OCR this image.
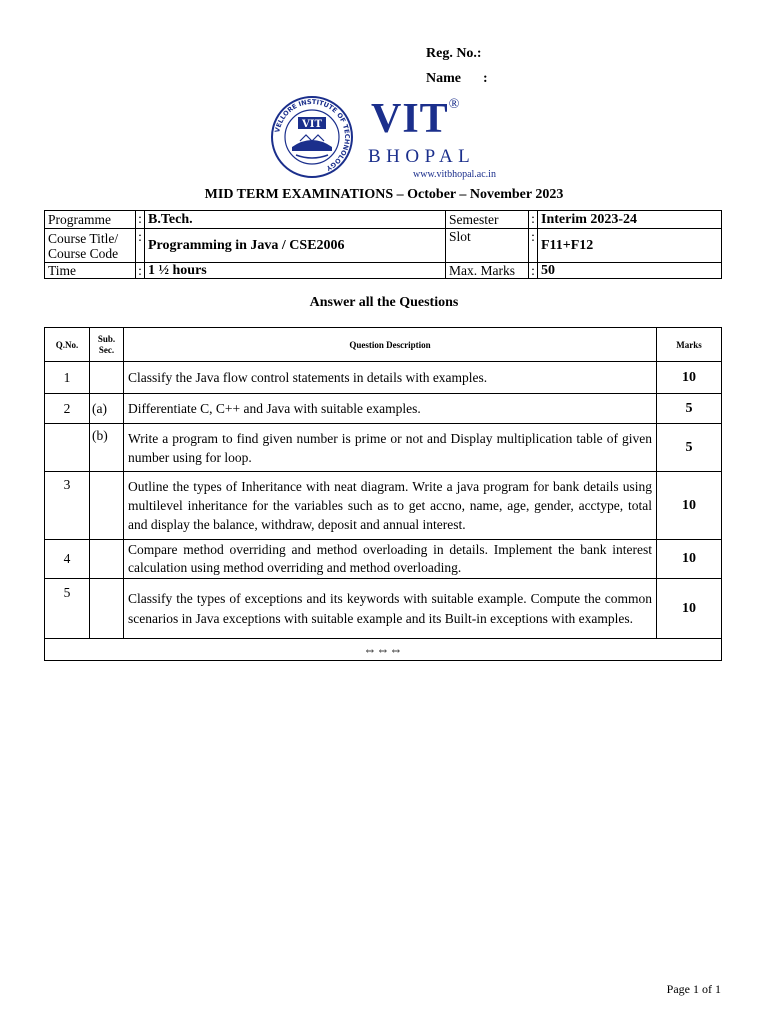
Reg. No.:
Name :
VELLORE INSTITUTE OF TECHNOLOGY
VIT VIT®
BHOPAL
www.vitbhopal.ac.in
MID TERM EXAMINATIONS – October – November 2023
Programme	:	B.Tech.	Semester	:	Interim 2023-24
Course Title/
Course Code	:	Programming in Java / CSE2006	Slot	:	F11+F12
Time	:	1 ½ hours	Max. Marks	:	50
Answer all the Questions
Q.No.	Sub.
Sec.	Question Description	Marks
1		Classify the Java flow control statements in details with examples.	10
2	(a)	Differentiate C, C++ and Java with suitable examples.	5
	(b)	Write a program to find given number is prime or not and Display multiplication table of given number using for loop.	5
3		Outline the types of Inheritance with neat diagram. Write a java program for bank details using multilevel inheritance for the variables such as to get accno, name, age, gender, acctype, total and display the balance, withdraw, deposit and annual interest.	10
4		Compare method overriding and method overloading in details. Implement the bank interest calculation using method overriding and method overloading.	10
5		Classify the types of exceptions and its keywords with suitable example. Compute the common scenarios in Java exceptions with suitable example and its Built-in exceptions with examples.	10
⇔⇔⇔			
Page 1 of 1
